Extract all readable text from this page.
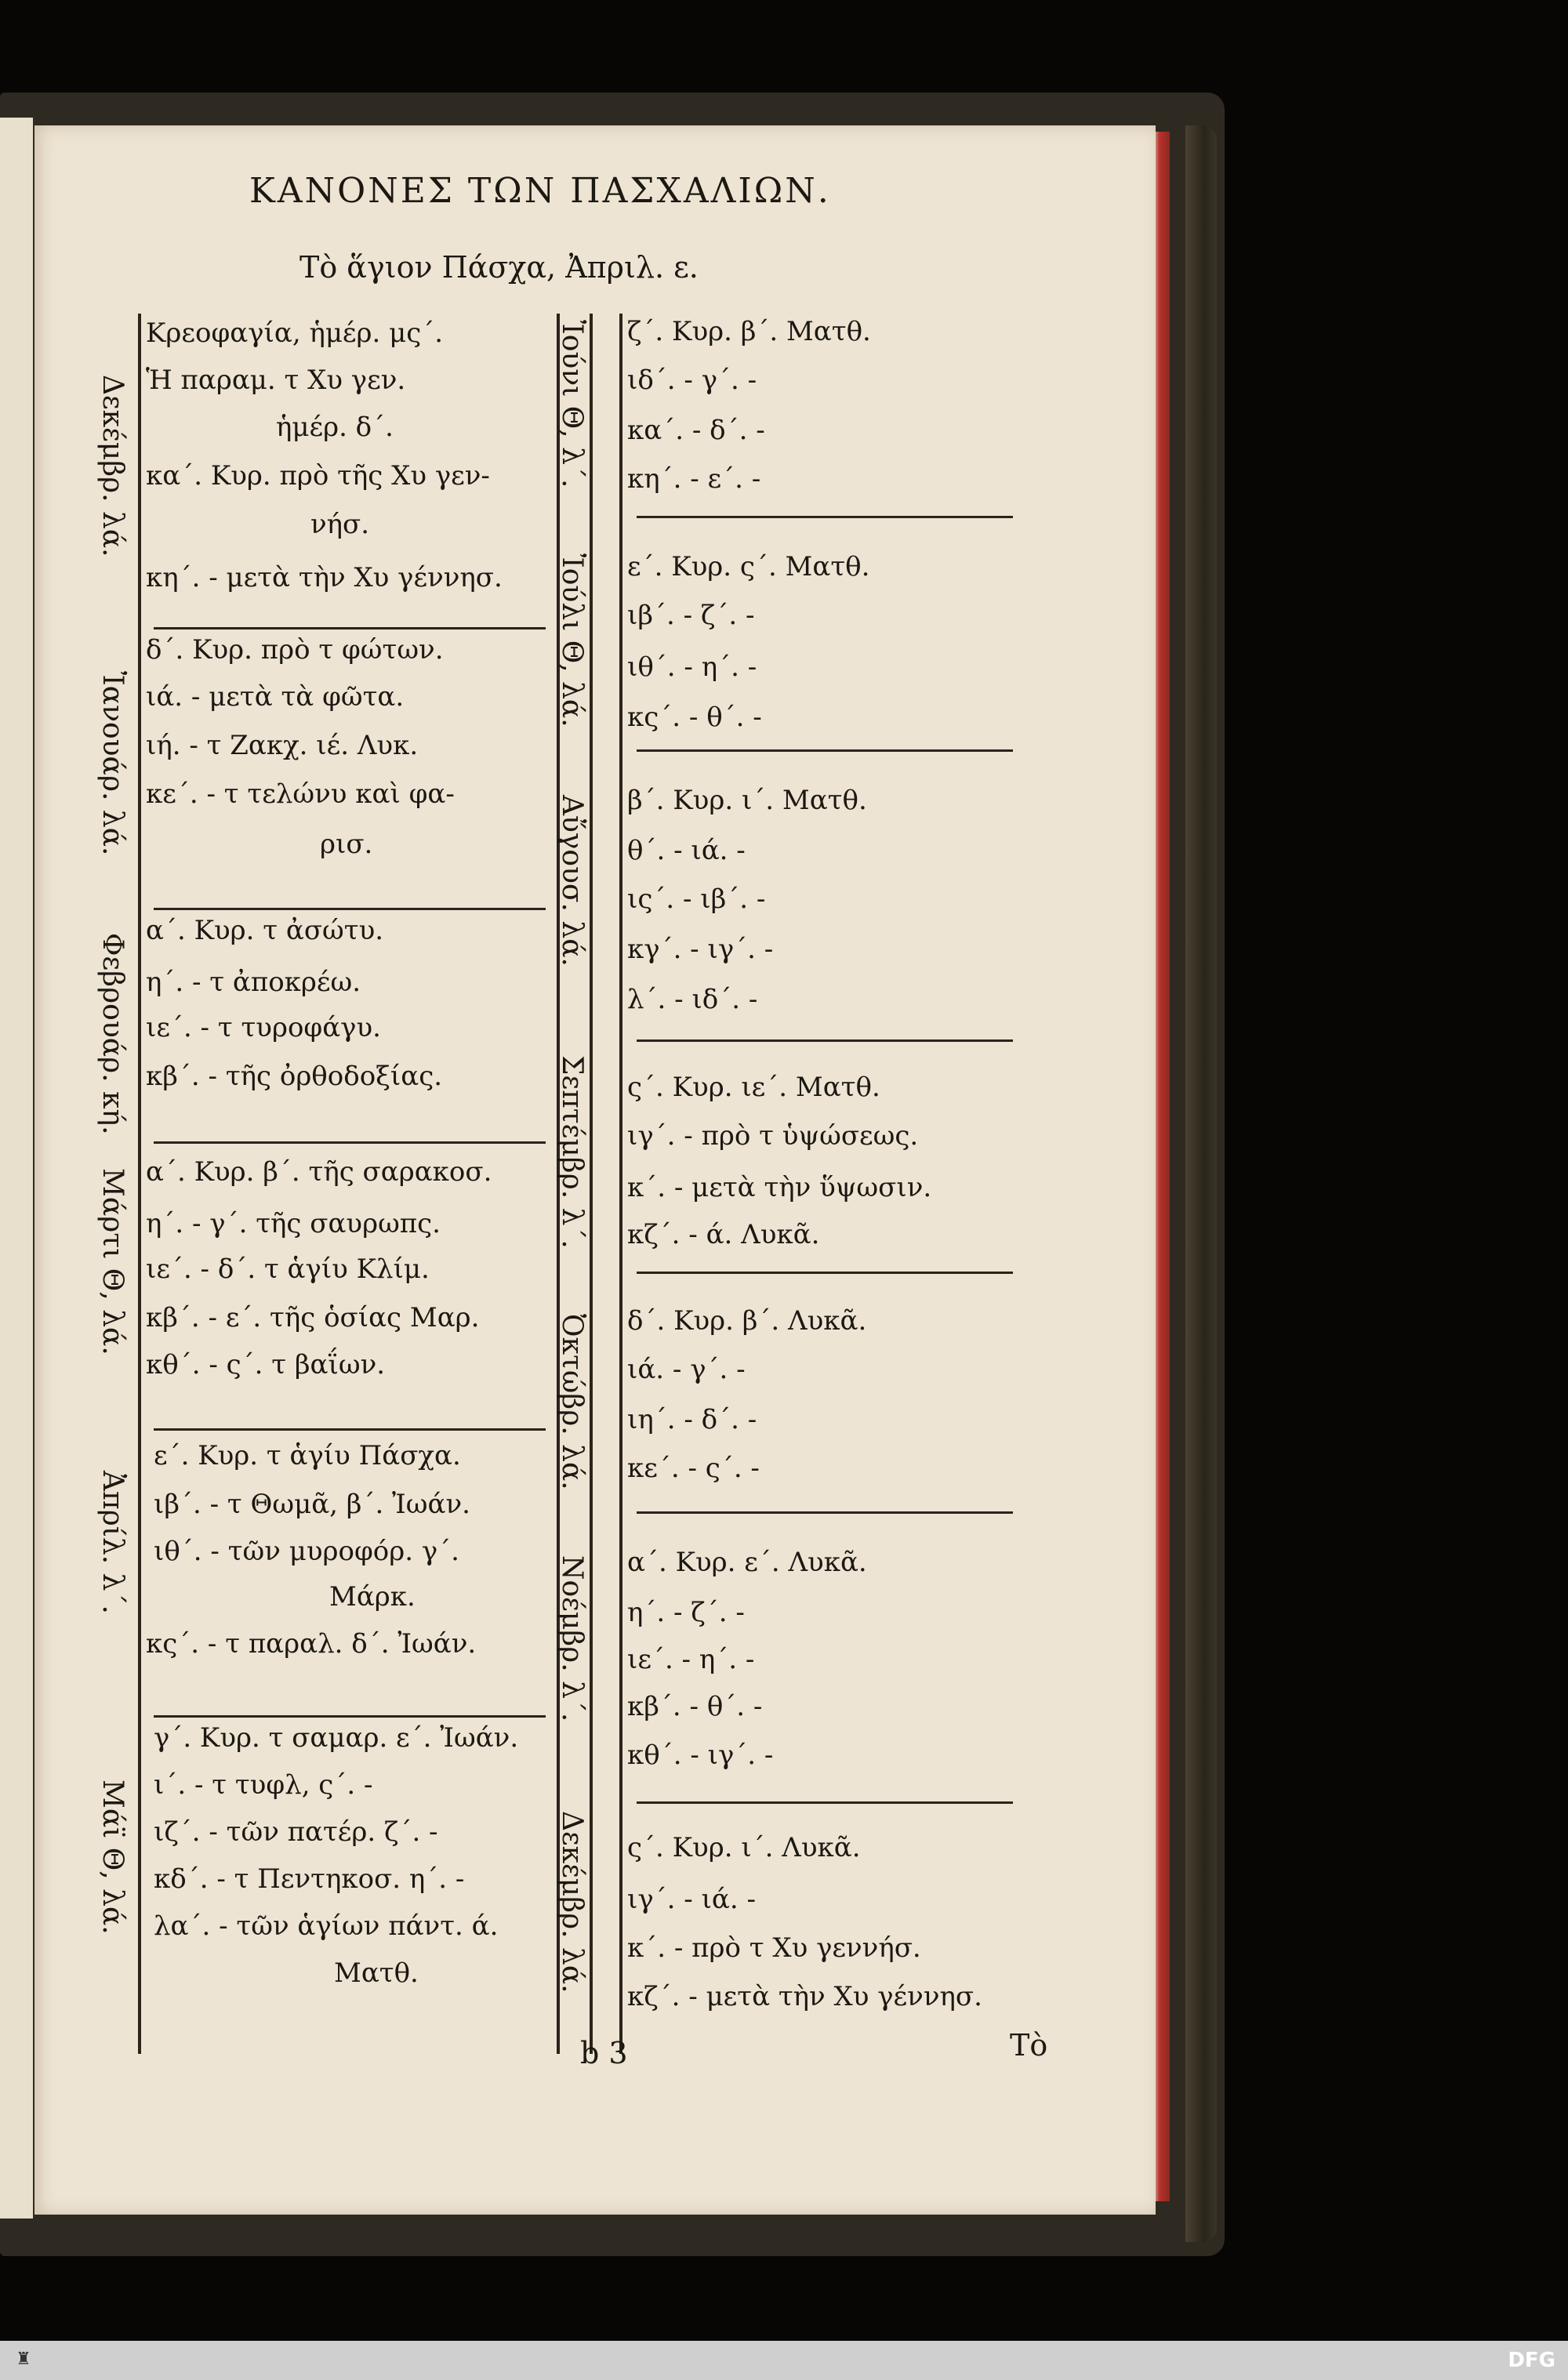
ΚΑΝΟΝΕΣ ΤΩΝ ΠΑΣΧΑΛΙΩΝ.
Τὸ ἅγιον Πάσχα, Ἀπριλ. ε.
Δεκέμβρ. λά.
Ἰανουάρ. λά.
Φεβρουάρ. κή.
Μάρτι Θ, λά.
Ἀπρίλ. λ΄.
Μάϊ Θ, λά.
Ἰούνι Θ, λ΄.
Ἰούλι Θ, λά.
Αὔγουσ. λά.
Σεπτέμβρ. λ΄.
Ὀκτώβρ. λά.
Νοέμβρ. λ΄.
Δεκέμβρ. λά.
Κρεοφαγία, ἡμέρ. μς΄.
Ἡ παραμ. τ Χυ γεν.
ἡμέρ. δ΄.
κα΄. Κυρ. πρὸ τῆς Χυ γεν-
νήσ.
κη΄. - μετὰ τὴν Χυ γέννησ.
δ΄. Κυρ. πρὸ τ φώτων.
ιά. - μετὰ τὰ φῶτα.
ιή. - τ Ζακχ. ιέ. Λυκ.
κε΄. - τ τελώνυ καὶ φα-
ρισ.
α΄. Κυρ. τ ἀσώτυ.
η΄. - τ ἀποκρέω.
ιε΄. - τ τυροφάγυ.
κβ΄. - τῆς ὀρθοδοξίας.
α΄. Κυρ. β΄. τῆς σαρακοσ.
η΄. - γ΄. τῆς σαυρωπς.
ιε΄. - δ΄. τ ἁγίυ Κλίμ.
κβ΄. - ε΄. τῆς ὁσίας Μαρ.
κθ΄. - ς΄. τ βαΐων.
ε΄. Κυρ. τ ἁγίυ Πάσχα.
ιβ΄. - τ Θωμᾶ, β΄. Ἰωάν.
ιθ΄. - τῶν μυροφόρ. γ΄.
Μάρκ.
κς΄. - τ παραλ. δ΄. Ἰωάν.
γ΄. Κυρ. τ σαμαρ. ε΄. Ἰωάν.
ι΄. - τ τυφλ, ς΄. -
ιζ΄. - τῶν πατέρ. ζ΄. -
κδ΄. - τ Πεντηκοσ. η΄. -
λα΄. - τῶν ἁγίων πάντ. ά.
Ματθ.
ζ΄. Κυρ. β΄. Ματθ.
ιδ΄. - γ΄. -
κα΄. - δ΄. -
κη΄. - ε΄. -
ε΄. Κυρ. ς΄. Ματθ.
ιβ΄. - ζ΄. -
ιθ΄. - η΄. -
κς΄. - θ΄. -
β΄. Κυρ. ι΄. Ματθ.
θ΄. - ιά. -
ις΄. - ιβ΄. -
κγ΄. - ιγ΄. -
λ΄. - ιδ΄. -
ς΄. Κυρ. ιε΄. Ματθ.
ιγ΄. - πρὸ τ ὑψώσεως.
κ΄. - μετὰ τὴν ὕψωσιν.
κζ΄. - ά. Λυκᾶ.
δ΄. Κυρ. β΄. Λυκᾶ.
ιά. - γ΄. -
ιη΄. - δ΄. -
κε΄. - ς΄. -
α΄. Κυρ. ε΄. Λυκᾶ.
η΄. - ζ΄. -
ιε΄. - η΄. -
κβ΄. - θ΄. -
κθ΄. - ιγ΄. -
ς΄. Κυρ. ι΄. Λυκᾶ.
ιγ΄. - ιά. -
κ΄. - πρὸ τ Χυ γεννήσ.
κζ΄. - μετὰ τὴν Χυ γέννησ.
b 3	Τὸ
♜	DFG
